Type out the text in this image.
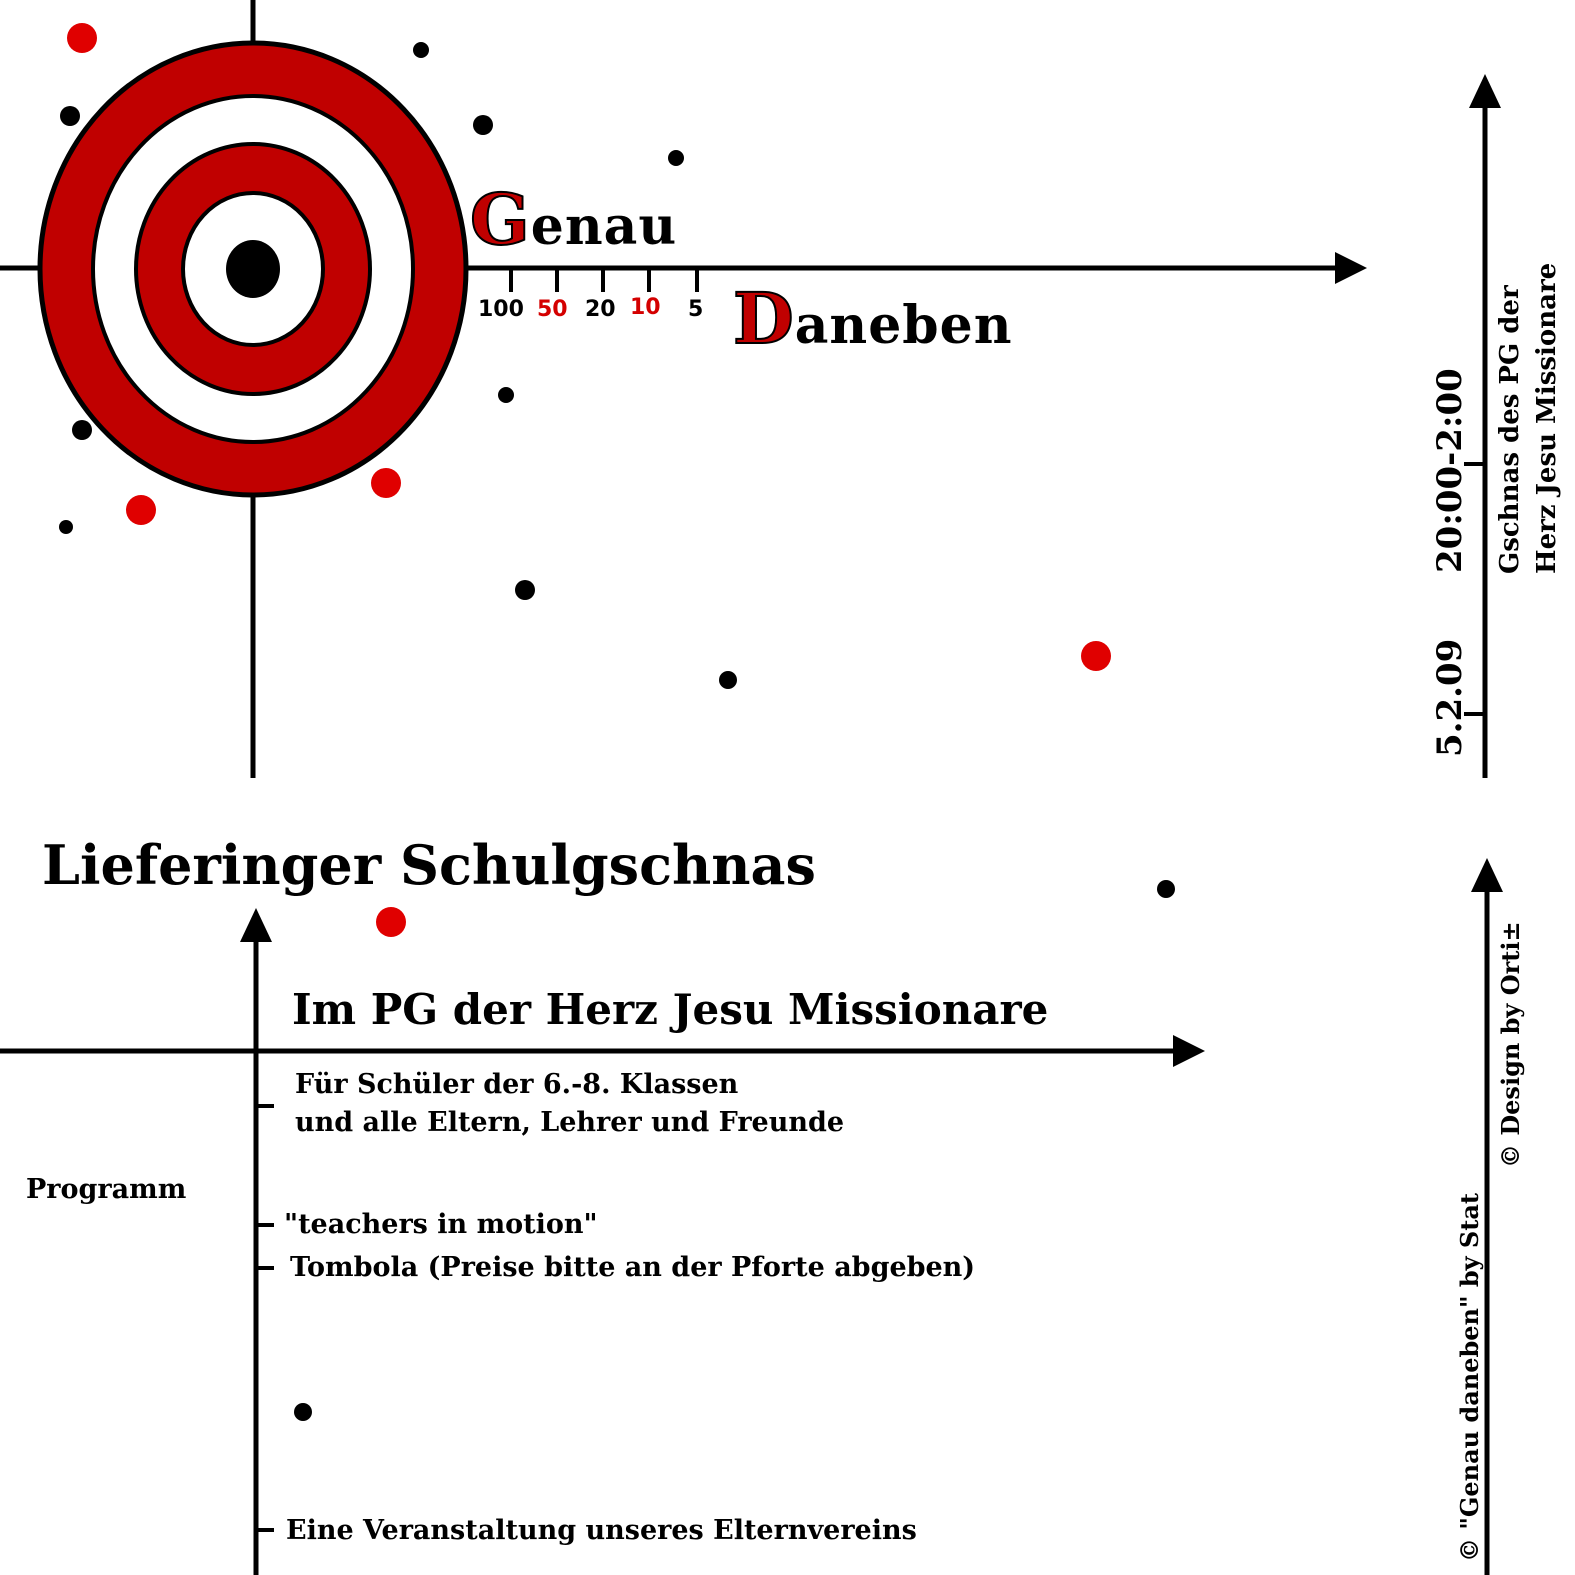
Genau
Daneben
100 50 20 10 5
5.2.09
20:00-2:00 Gschnas des PG der Herz Jesu Missionare
Lieferinger Schulgschnas
Im PG der Herz Jesu Missionare
Für Schüler der 6.-8. Klassen
und alle Eltern, Lehrer und Freunde
Programm
"teachers in motion"
Tombola (Preise bitte an der Pforte abgeben)
Eine Veranstaltung unseres Elternvereins	© "Genau daneben" by Stat
© Design by Orti±
